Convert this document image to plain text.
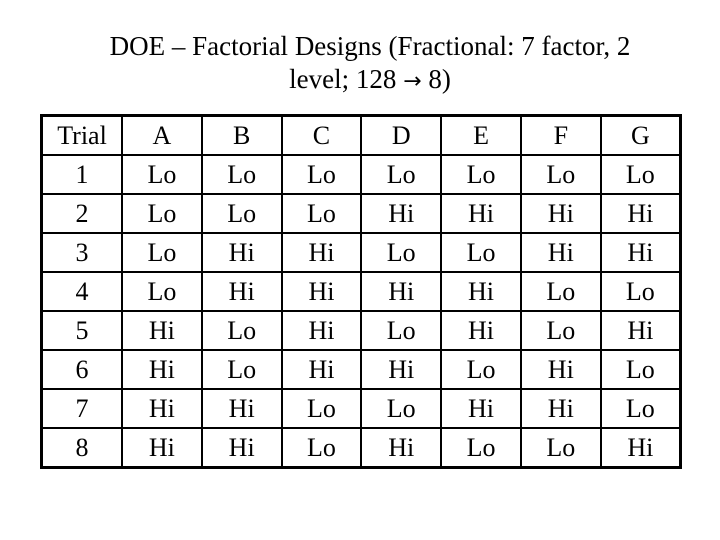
DOE – Factorial Designs (Fractional: 7 factor, 2
level; 128 → 8)
Trial	A	B	C	D	E	F	G
1	Lo	Lo	Lo	Lo	Lo	Lo	Lo
2	Lo	Lo	Lo	Hi	Hi	Hi	Hi
3	Lo	Hi	Hi	Lo	Lo	Hi	Hi
4	Lo	Hi	Hi	Hi	Hi	Lo	Lo
5	Hi	Lo	Hi	Lo	Hi	Lo	Hi
6	Hi	Lo	Hi	Hi	Lo	Hi	Lo
7	Hi	Hi	Lo	Lo	Hi	Hi	Lo
8	Hi	Hi	Lo	Hi	Lo	Lo	Hi
